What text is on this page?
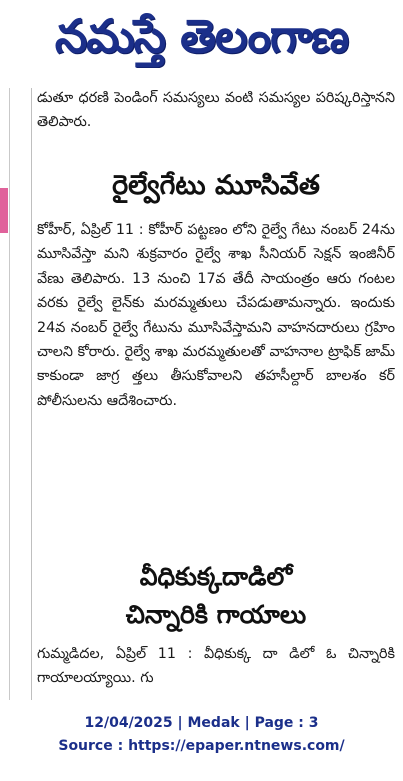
నమస్తే తెలంగాణ

డుతూ ధరణి పెండింగ్ సమస్యలు వంటి సమస్యల పరిష్కరిస్తానని తెలిపారు.

రైల్వేగేటు మూసివేత

కోహీర్, ఏప్రిల్ 11 : కోహీర్ పట్టణం లోని రైల్వే గేటు నంబర్ 24ను మూసివేస్తా మని శుక్రవారం రైల్వే శాఖ సీనియర్ సెక్షన్ ఇంజినీర్ వేణు తెలిపారు. 13 నుంచి 17వ తేదీ సాయంత్రం ఆరు గంటల వరకు రైల్వే లైన్‌కు మరమ్మతులు చేపడుతామన్నారు. ఇందుకు 24వ నంబర్ రైల్వే గేటును మూసివేస్తామని వాహనదారులు గ్రహిం చాలని కోరారు. రైల్వే శాఖ మరమ్మతులతో వాహనాల ట్రాఫిక్ జామ్ కాకుండా జాగ్ర త్తలు తీసుకోవాలని తహసీల్దార్ బాలశం కర్ పోలీసులను ఆదేశించారు.

వీధికుక్కదాడిలో
చిన్నారికి గాయాలు

గుమ్మడిదల, ఏప్రిల్ 11 : వీధికుక్క దా డిలో ఓ చిన్నారికి గాయాలయ్యాయి. గు

12/04/2025 | Medak | Page : 3
Source : https://epaper.ntnews.com/
